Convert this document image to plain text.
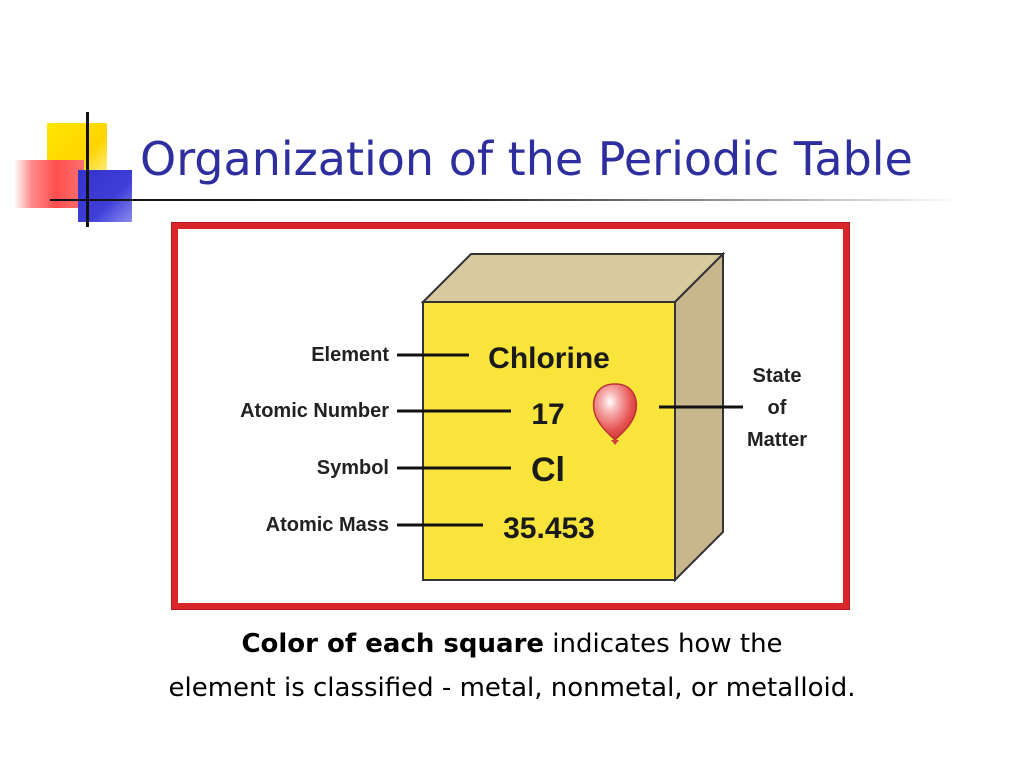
Organization of the Periodic Table
Chlorine
17
Cl
35.453
Element
Atomic Number
Symbol
Atomic Mass
State
of
Matter
Color of each square indicates how the
element is classified - metal, nonmetal, or metalloid.
